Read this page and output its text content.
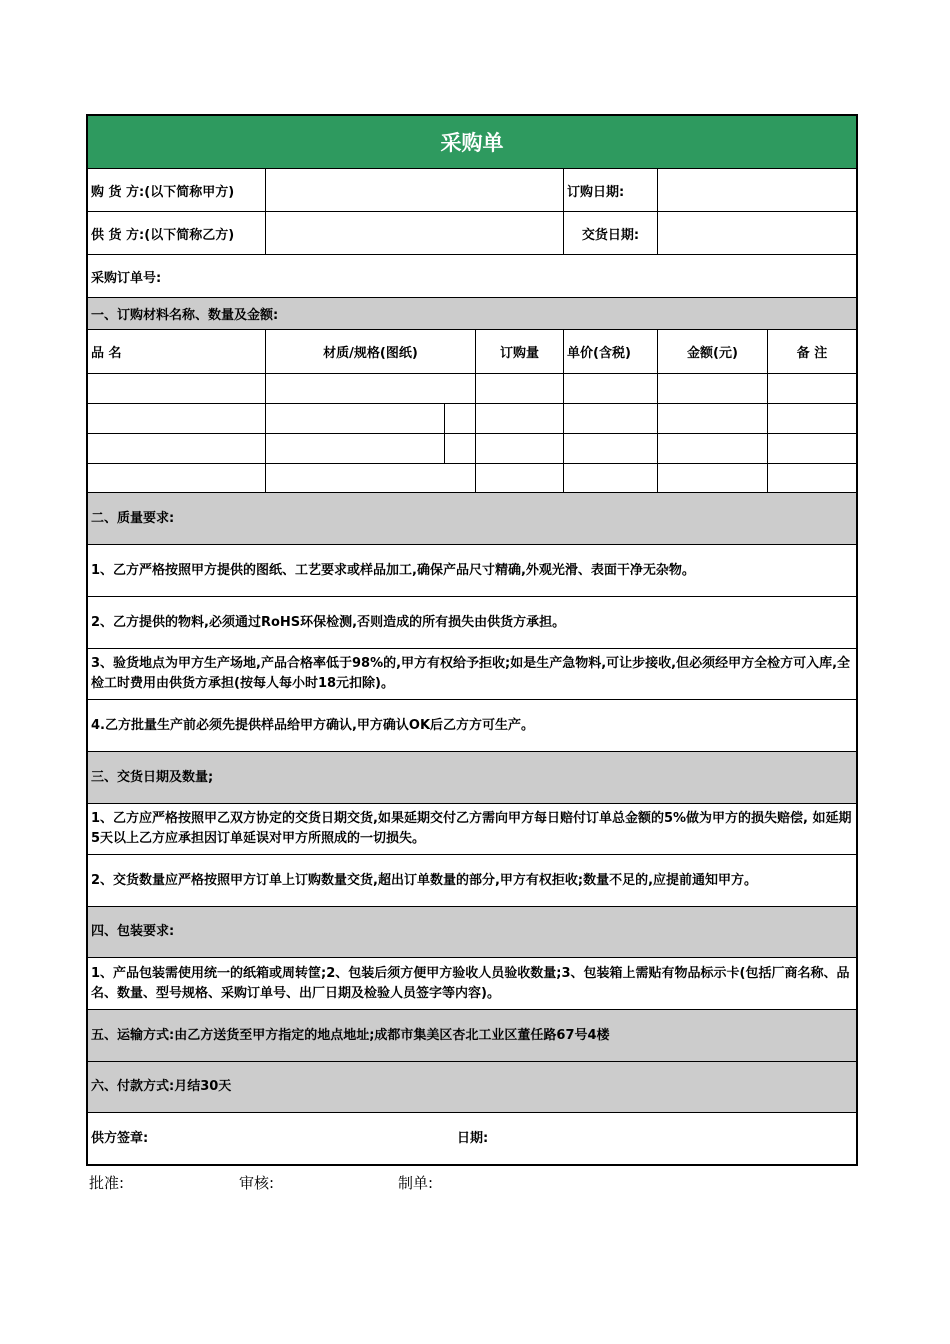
采购单
购 货 方:(以下简称甲方)	订购日期:
供 货 方:(以下简称乙方)	交货日期:
采购订单号:
一、订购材料名称、数量及金额:
品 名	材质/规格(图纸)	订购量	单价(含税)	金额(元)	备 注
二、质量要求:
1、乙方严格按照甲方提供的图纸、工艺要求或样品加工,确保产品尺寸精确,外观光滑、表面干净无杂物。
2、乙方提供的物料,必须通过RoHS环保检测,否则造成的所有损失由供货方承担。
3、验货地点为甲方生产场地,产品合格率低于98%的,甲方有权给予拒收;如是生产急物料,可让步接收,但必须经甲方全检方可入库,全检工时费用由供货方承担(按每人每小时18元扣除)。
4.乙方批量生产前必须先提供样品给甲方确认,甲方确认OK后乙方方可生产。
三、交货日期及数量;
1、乙方应严格按照甲乙双方协定的交货日期交货,如果延期交付乙方需向甲方每日赔付订单总金额的5%做为甲方的损失赔偿, 如延期5天以上乙方应承担因订单延误对甲方所照成的一切损失。
2、交货数量应严格按照甲方订单上订购数量交货,超出订单数量的部分,甲方有权拒收;数量不足的,应提前通知甲方。
四、包装要求:
1、产品包装需使用统一的纸箱或周转筐;2、包装后须方便甲方验收人员验收数量;3、包装箱上需贴有物品标示卡(包括厂商名称、品名、数量、型号规格、采购订单号、出厂日期及检验人员签字等内容)。
五、运输方式:由乙方送货至甲方指定的地点地址;成都市集美区杏北工业区董任路67号4楼
六、付款方式:月结30天
供方签章:	日期:
批准:	审核:	制单:
